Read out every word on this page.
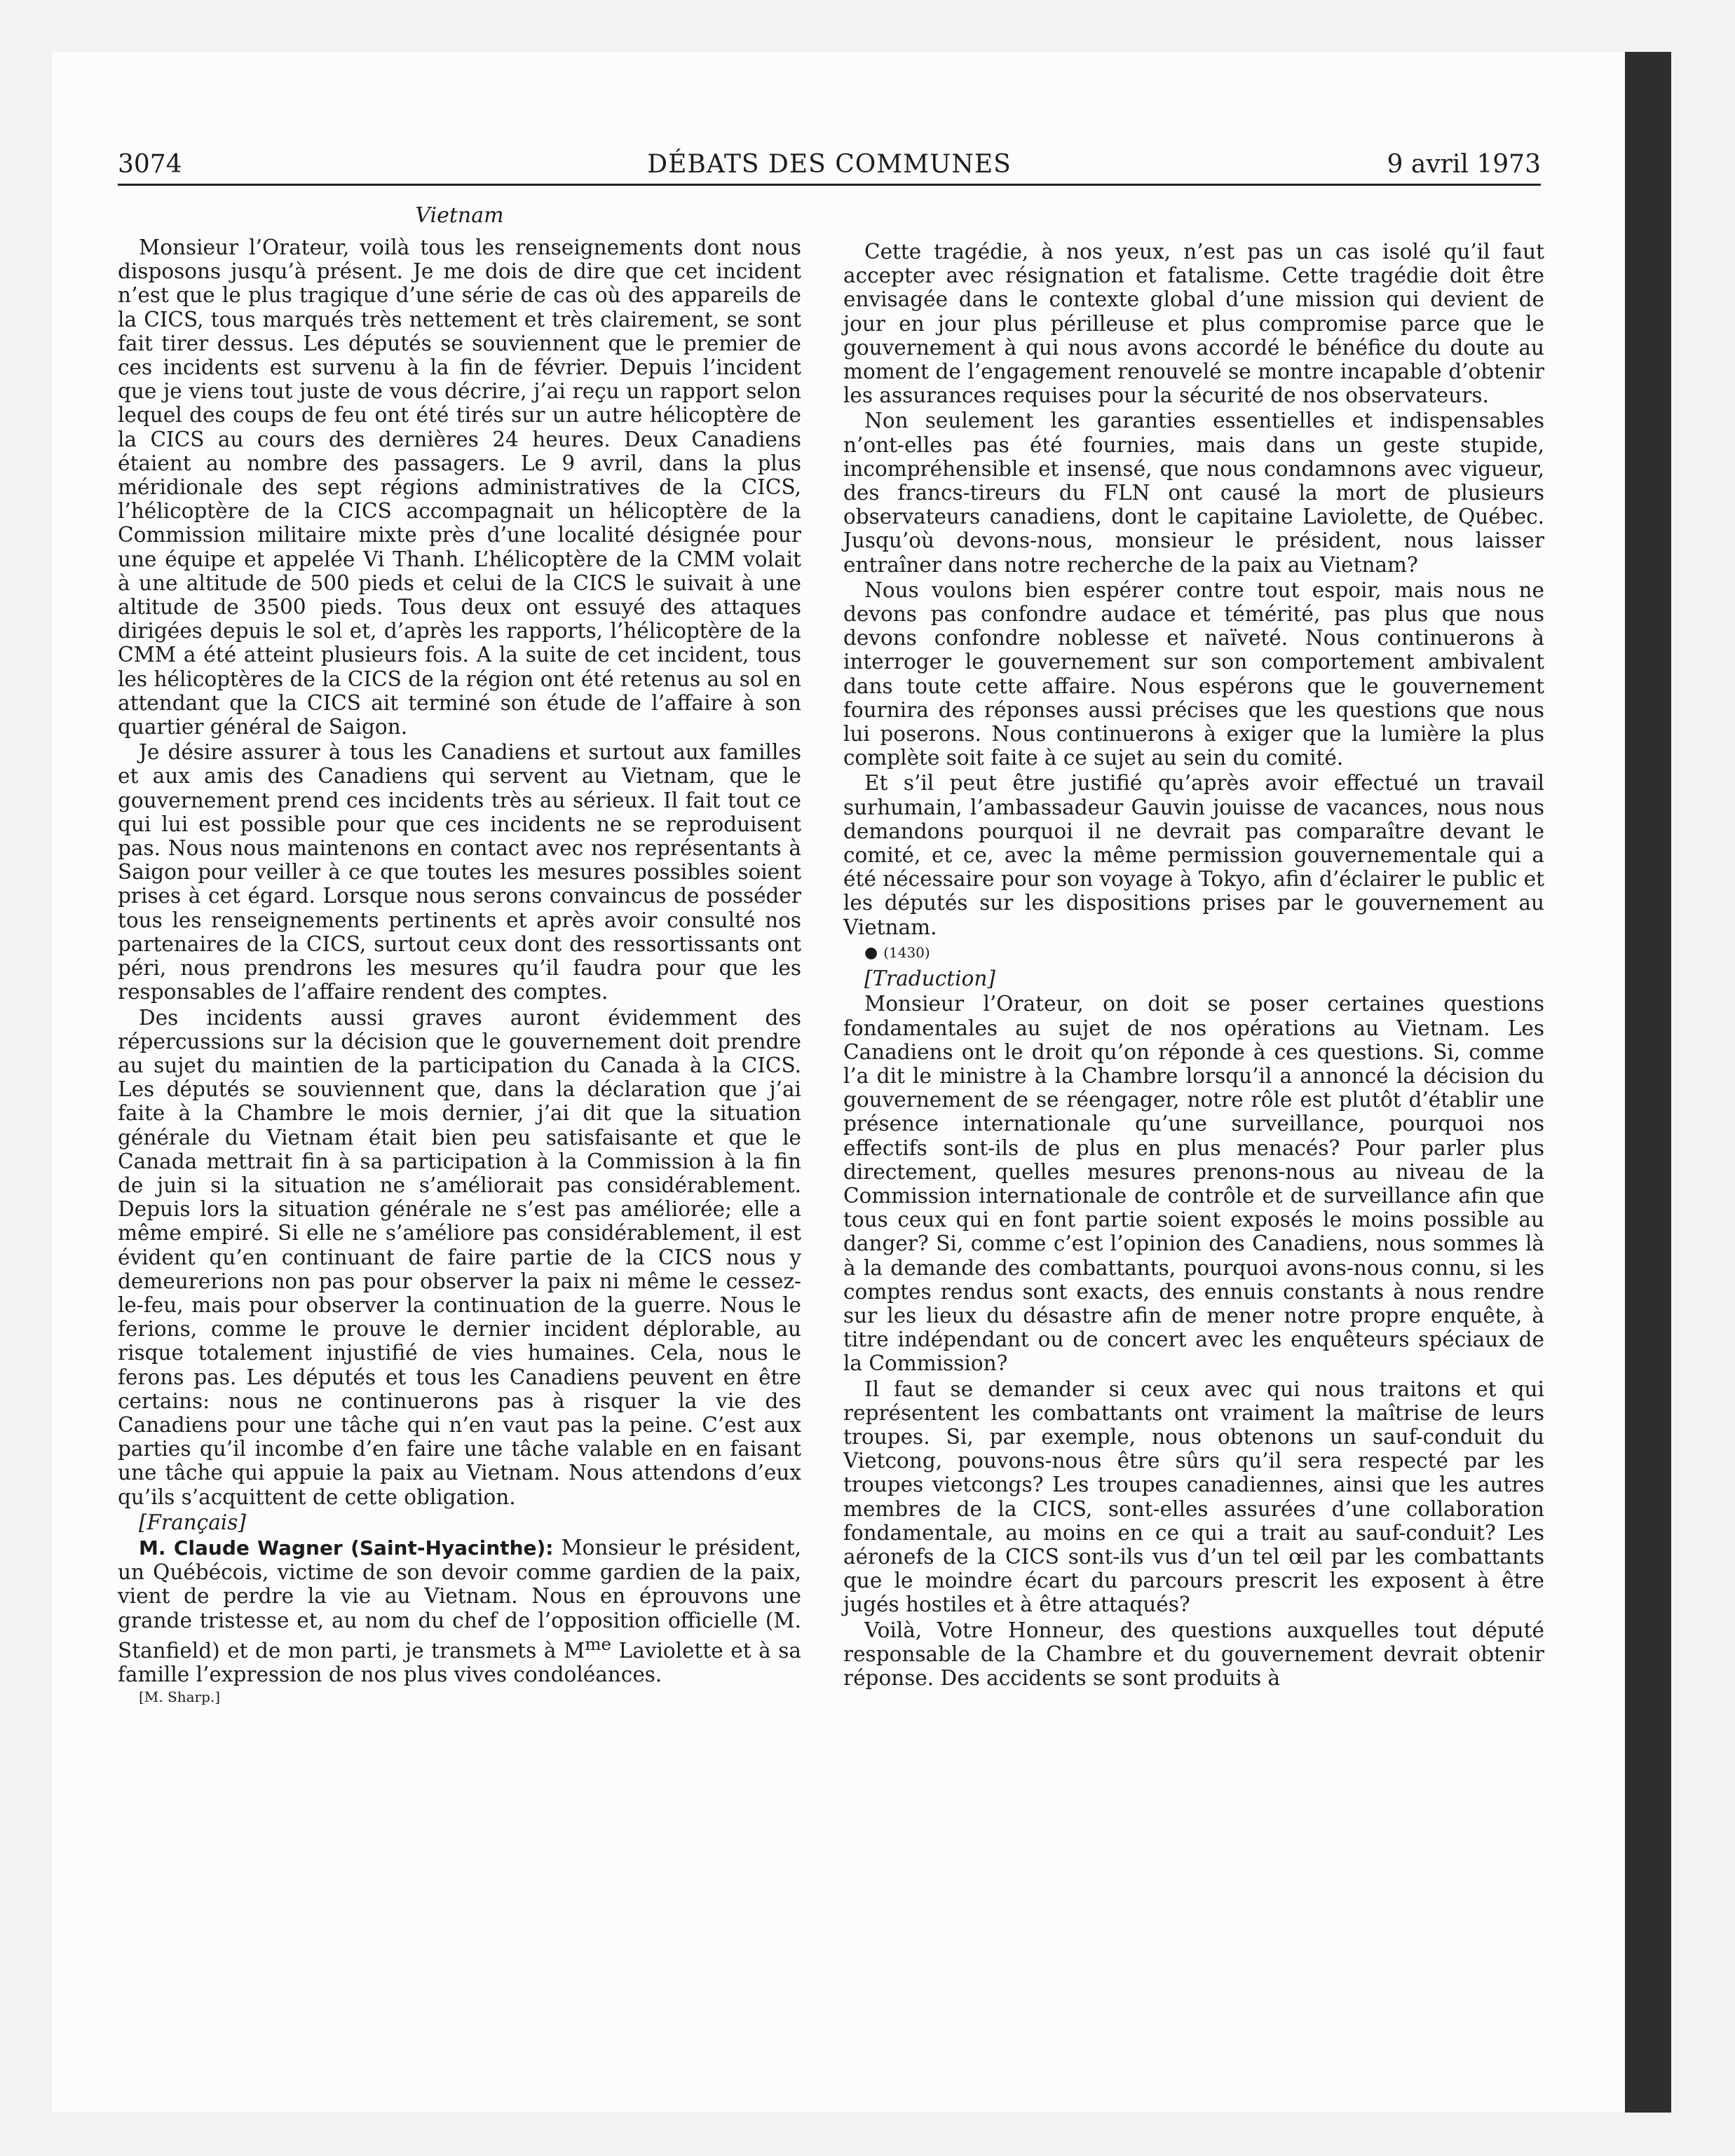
3074	DÉBATS DES COMMUNES	9 avril 1973
Vietnam

Monsieur l’Orateur, voilà tous les renseignements dont nous disposons jusqu’à présent. Je me dois de dire que cet incident n’est que le plus tragique d’une série de cas où des appareils de la CICS, tous marqués très nettement et très clairement, se sont fait tirer dessus. Les députés se souviennent que le premier de ces incidents est survenu à la fin de février. Depuis l’incident que je viens tout juste de vous décrire, j’ai reçu un rapport selon lequel des coups de feu ont été tirés sur un autre hélicoptère de la CICS au cours des dernières 24 heures. Deux Canadiens étaient au nombre des passagers. Le 9 avril, dans la plus méridionale des sept régions administratives de la CICS, l’hélicoptère de la CICS accompagnait un hélicoptère de la Commission militaire mixte près d’une localité désignée pour une équipe et appelée Vi Thanh. L’hélicoptère de la CMM volait à une altitude de 500 pieds et celui de la CICS le suivait à une altitude de 3500 pieds. Tous deux ont essuyé des attaques dirigées depuis le sol et, d’après les rapports, l’hélicoptère de la CMM a été atteint plusieurs fois. A la suite de cet incident, tous les hélicoptères de la CICS de la région ont été retenus au sol en attendant que la CICS ait terminé son étude de l’affaire à son quartier général de Saigon.

Je désire assurer à tous les Canadiens et surtout aux familles et aux amis des Canadiens qui servent au Vietnam, que le gouvernement prend ces incidents très au sérieux. Il fait tout ce qui lui est possible pour que ces incidents ne se reproduisent pas. Nous nous maintenons en contact avec nos représentants à Saigon pour veiller à ce que toutes les mesures possibles soient prises à cet égard. Lorsque nous serons convaincus de posséder tous les renseignements pertinents et après avoir consulté nos partenaires de la CICS, surtout ceux dont des ressortissants ont péri, nous prendrons les mesures qu’il faudra pour que les responsables de l’affaire rendent des comptes.

Des incidents aussi graves auront évidemment des répercussions sur la décision que le gouvernement doit prendre au sujet du maintien de la participation du Canada à la CICS. Les députés se souviennent que, dans la déclaration que j’ai faite à la Chambre le mois dernier, j’ai dit que la situation générale du Vietnam était bien peu satisfaisante et que le Canada mettrait fin à sa participation à la Commission à la fin de juin si la situation ne s’améliorait pas considérablement. Depuis lors la situation générale ne s’est pas améliorée; elle a même empiré. Si elle ne s’améliore pas considérablement, il est évident qu’en continuant de faire partie de la CICS nous y demeurerions non pas pour observer la paix ni même le cessez-le-feu, mais pour observer la continuation de la guerre. Nous le ferions, comme le prouve le dernier incident déplorable, au risque totalement injustifié de vies humaines. Cela, nous le ferons pas. Les députés et tous les Canadiens peuvent en être certains: nous ne continuerons pas à risquer la vie des Canadiens pour une tâche qui n’en vaut pas la peine. C’est aux parties qu’il incombe d’en faire une tâche valable en en faisant une tâche qui appuie la paix au Vietnam. Nous attendons d’eux qu’ils s’acquittent de cette obligation.

[Français]

M. Claude Wagner (Saint-Hyacinthe): Monsieur le président, un Québécois, victime de son devoir comme gardien de la paix, vient de perdre la vie au Vietnam. Nous en éprouvons une grande tristesse et, au nom du chef de l’opposition officielle (M. Stanfield) et de mon parti, je transmets à $M^{me}$ Laviolette et à sa famille l’expression de nos plus vives condoléances.

[M. Sharp.]

Cette tragédie, à nos yeux, n’est pas un cas isolé qu’il faut accepter avec résignation et fatalisme. Cette tragédie doit être envisagée dans le contexte global d’une mission qui devient de jour en jour plus périlleuse et plus compromise parce que le gouvernement à qui nous avons accordé le bénéfice du doute au moment de l’engagement renouvelé se montre incapable d’obtenir les assurances requises pour la sécurité de nos observateurs.

Non seulement les garanties essentielles et indispensables n’ont-elles pas été fournies, mais dans un geste stupide, incompréhensible et insensé, que nous condamnons avec vigueur, des francs-tireurs du FLN ont causé la mort de plusieurs observateurs canadiens, dont le capitaine Laviolette, de Québec. Jusqu’où devons-nous, monsieur le président, nous laisser entraîner dans notre recherche de la paix au Vietnam?

Nous voulons bien espérer contre tout espoir, mais nous ne devons pas confondre audace et témérité, pas plus que nous devons confondre noblesse et naïveté. Nous continuerons à interroger le gouvernement sur son comportement ambivalent dans toute cette affaire. Nous espérons que le gouvernement fournira des réponses aussi précises que les questions que nous lui poserons. Nous continuerons à exiger que la lumière la plus complète soit faite à ce sujet au sein du comité.

Et s’il peut être justifié qu’après avoir effectué un travail surhumain, l’ambassadeur Gauvin jouisse de vacances, nous nous demandons pourquoi il ne devrait pas comparaître devant le comité, et ce, avec la même permission gouvernementale qui a été nécessaire pour son voyage à Tokyo, afin d’éclairer le public et les députés sur les dispositions prises par le gouvernement au Vietnam.

● (1430)

[Traduction]

Monsieur l’Orateur, on doit se poser certaines questions fondamentales au sujet de nos opérations au Vietnam. Les Canadiens ont le droit qu’on réponde à ces questions. Si, comme l’a dit le ministre à la Chambre lorsqu’il a annoncé la décision du gouvernement de se réengager, notre rôle est plutôt d’établir une présence internationale qu’une surveillance, pourquoi nos effectifs sont-ils de plus en plus menacés? Pour parler plus directement, quelles mesures prenons-nous au niveau de la Commission internationale de contrôle et de surveillance afin que tous ceux qui en font partie soient exposés le moins possible au danger? Si, comme c’est l’opinion des Canadiens, nous sommes là à la demande des combattants, pourquoi avons-nous connu, si les comptes rendus sont exacts, des ennuis constants à nous rendre sur les lieux du désastre afin de mener notre propre enquête, à titre indépendant ou de concert avec les enquêteurs spéciaux de la Commission?

Il faut se demander si ceux avec qui nous traitons et qui représentent les combattants ont vraiment la maîtrise de leurs troupes. Si, par exemple, nous obtenons un sauf-conduit du Vietcong, pouvons-nous être sûrs qu’il sera respecté par les troupes vietcongs? Les troupes canadiennes, ainsi que les autres membres de la CICS, sont-elles assurées d’une collaboration fondamentale, au moins en ce qui a trait au sauf-conduit? Les aéronefs de la CICS sont-ils vus d’un tel œil par les combattants que le moindre écart du parcours prescrit les exposent à être jugés hostiles et à être attaqués?

Voilà, Votre Honneur, des questions auxquelles tout député responsable de la Chambre et du gouvernement devrait obtenir réponse. Des accidents se sont produits à
